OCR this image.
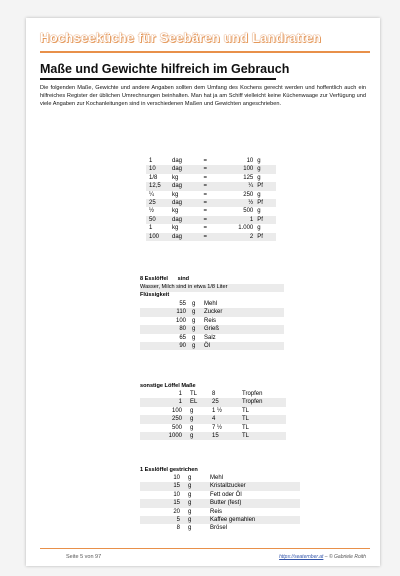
Hochseeküche für Seebären und Landratten
Maße und Gewichte hilfreich im Gebrauch
Die folgenden Maße, Gewichte und andere Angaben sollten dem Umfang des Kochens gerecht werden und hoffentlich auch ein hilfreiches Register der üblichen Umrechnungen beinhalten. Man hat ja am Schiff vielleicht keine Küchenwaage zur Verfügung und viele Angaben zur Kochanleitungen sind in verschiedenen Maßen und Gewichten angeschrieben.
1	dag	=	10	g
10	dag	=	100	g
1/8	kg	=	125	g
12,5	dag	=	¼	Pf
¼	kg	=	250	g
25	dag	=	½	Pf
½	kg	=	500	g
50	dag	=	1	Pf
1	kg	=	1.000	g
100	dag	=	2	Pf
8 Esslöffel sind
Wasser, Milch sind in etwa 1/8 Liter
Flüssigkeit
55	g	Mehl
110	g	Zucker
100	g	Reis
80	g	Grieß
65	g	Salz
90	g	Öl
sonstige Löffel Maße
1	TL	8	Tropfen
1	EL	25	Tropfen
100	g	1 ½	TL
250	g	4	TL
500	g	7 ½	TL
1000	g	15	TL
1 Esslöffel gestrichen
10	g	Mehl
15	g	Kristallzucker
10	g	Fett oder Öl
15	g	Butter (fest)
20	g	Reis
5	g	Kaffee gemahlen
8	g	Brösel
Seite 5 von 97	https://seaternber.at – © Gabriele Roith
